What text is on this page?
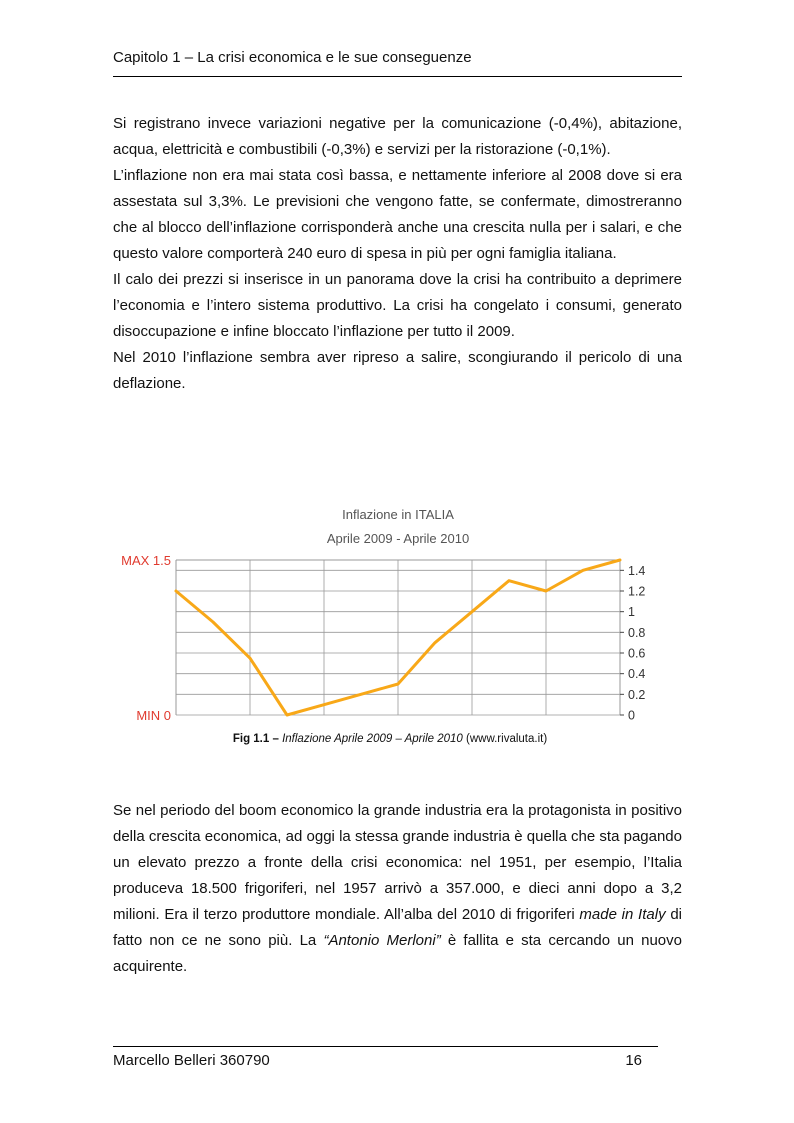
Capitolo 1 – La crisi economica e le sue conseguenze

Si registrano invece variazioni negative per la comunicazione (-0,4%), abitazione, acqua, elettricità e combustibili (-0,3%) e servizi per la ristorazione (-0,1%).

L’inflazione non era mai stata così bassa, e nettamente inferiore al 2008 dove si era assestata sul 3,3%. Le previsioni che vengono fatte, se confermate, dimostreranno che al blocco dell’inflazione corrisponderà anche una crescita nulla per i salari, e che questo valore comporterà 240 euro di spesa in più per ogni famiglia italiana.

Il calo dei prezzi si inserisce in un panorama dove la crisi ha contribuito a deprimere l’economia e l’intero sistema produttivo. La crisi ha congelato i consumi, generato disoccupazione e infine bloccato l’inflazione per tutto il 2009.

Nel 2010 l’inflazione sembra aver ripreso a salire, scongiurando il pericolo di una deflazione.

Inflazione in ITALIA
Aprile 2009 - Aprile 2010
MAX 1.5
MIN 0	0
0.2
0.4
0.6
0.8
1
1.2
1.4
Fig 1.1 – Inflazione Aprile 2009 – Aprile 2010 (www.rivaluta.it)

Se nel periodo del boom economico la grande industria era la protagonista in positivo della crescita economica, ad oggi la stessa grande industria è quella che sta pagando un elevato prezzo a fronte della crisi economica: nel 1951, per esempio, l’Italia produceva 18.500 frigoriferi, nel 1957 arrivò a 357.000, e dieci anni dopo a 3,2 milioni. Era il terzo produttore mondiale. All’alba del 2010 di frigoriferi made in Italy di fatto non ce ne sono più. La “Antonio Merloni” è fallita e sta cercando un nuovo acquirente.

Marcello Belleri 360790	16
